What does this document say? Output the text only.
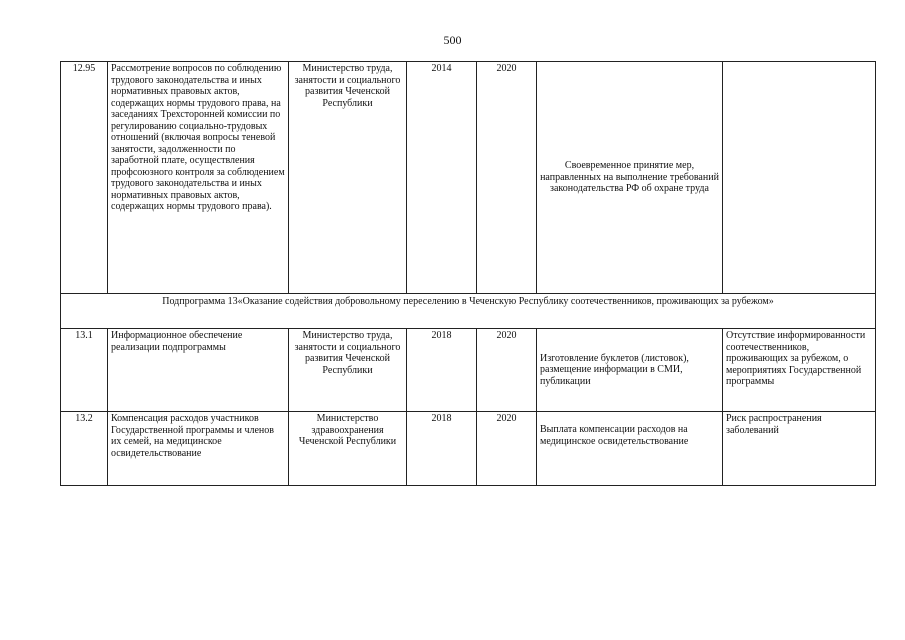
500
12.95	Рассмотрение вопросов по соблюдению трудового законодательства и иных нормативных правовых актов, содержащих нормы трудового права, на заседаниях Трехсторонней комиссии по регулированию социально-трудовых отношений (включая вопросы теневой занятости, задолженности по заработной плате, осуществления профсоюзного контроля за соблюдением трудового законодательства и иных нормативных правовых актов, содержащих нормы трудового права).	Министерство труда, занятости и социального развития Чеченской Республики	2014	2020	Своевременное принятие мер, направленных на выполнение требований законодательства РФ об охране труда	
Подпрограмма 13«Оказание содействия добровольному переселению в Чеченскую Республику соотечественников, проживающих за рубежом»						
13.1	Информационное обеспечение реализации подпрограммы	Министерство труда, занятости и социального развития Чеченской Республики	2018	2020	Изготовление буклетов (листовок), размещение информации в СМИ, публикации	Отсутствие информированности соотечественников, проживающих за рубежом, о мероприятиях Государственной программы
13.2	Компенсация расходов участников Государственной программы и членов их семей, на медицинское освидетельствование	Министерство здравоохранения Чеченской Республики	2018	2020	Выплата компенсации расходов на медицинское освидетельствование	Риск распространения заболеваний
